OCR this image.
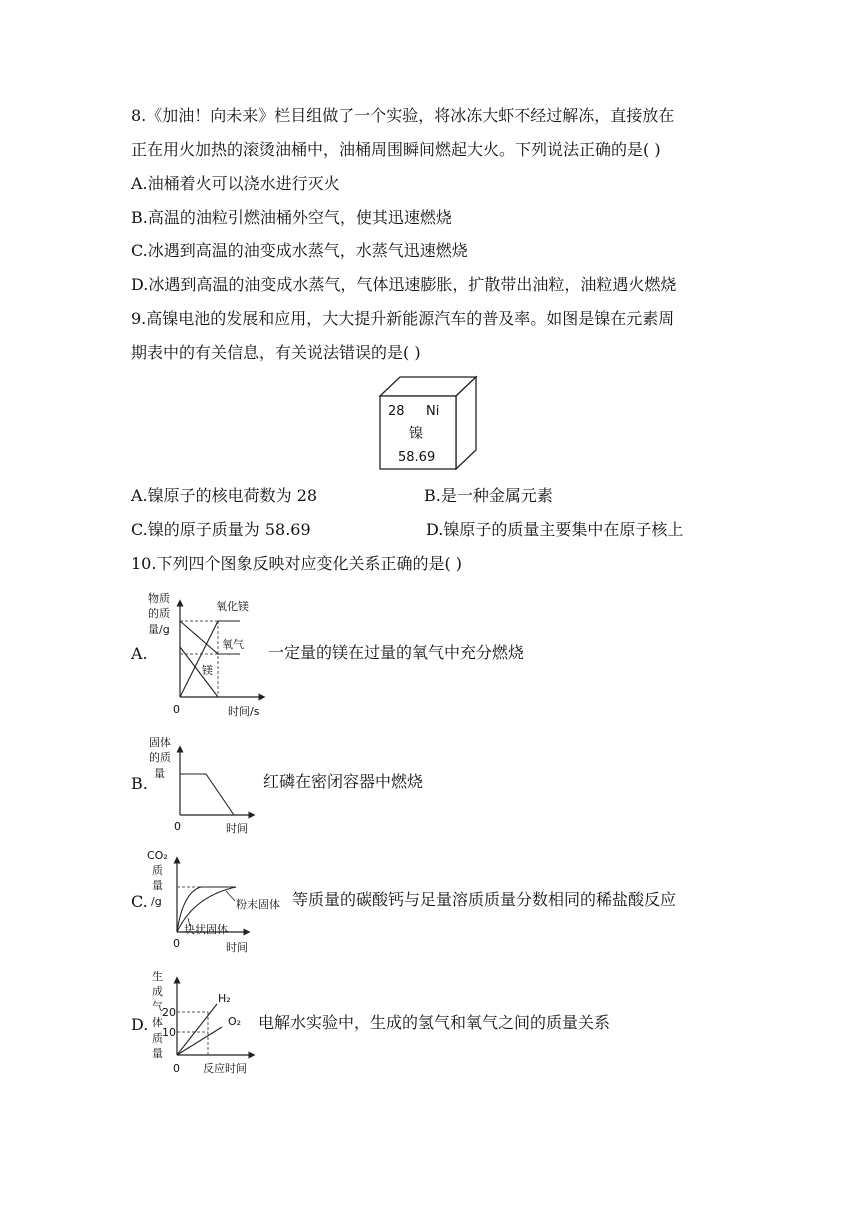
8.《加油！向未来》栏目组做了一个实验，将冰冻大虾不经过解冻，直接放在
正在用火加热的滚烫油桶中，油桶周围瞬间燃起大火。下列说法正确的是( )
A.油桶着火可以浇水进行灭火
B.高温的油粒引燃油桶外空气，使其迅速燃烧
C.冰遇到高温的油变成水蒸气，水蒸气迅速燃烧
D.冰遇到高温的油变成水蒸气，气体迅速膨胀，扩散带出油粒，油粒遇火燃烧
9.高镍电池的发展和应用，大大提升新能源汽车的普及率。如图是镍在元素周
期表中的有关信息，有关说法错误的是( )
28 Ni
镍
58.69
A.镍原子的核电荷数为 28	B.是一种金属元素
C.镍的原子质量为 58.69	D.镍原子的质量主要集中在原子核上
10.下列四个图象反映对应变化关系正确的是( )
A.
物质
的质
量/g
氧化镁
氧气
镁
0	时间/s
一定量的镁在过量的氧气中充分燃烧
B.
固体
的质
量
0	时间
红磷在密闭容器中燃烧
C.
CO₂
质
量
/g	粉末固体
块状固体
0	时间
等质量的碳酸钙与足量溶质质量分数相同的稀盐酸反应
D.
生
成
气
体
质
量
20
10
H₂
O₂
0 反应时间
电解水实验中，生成的氢气和氧气之间的质量关系
